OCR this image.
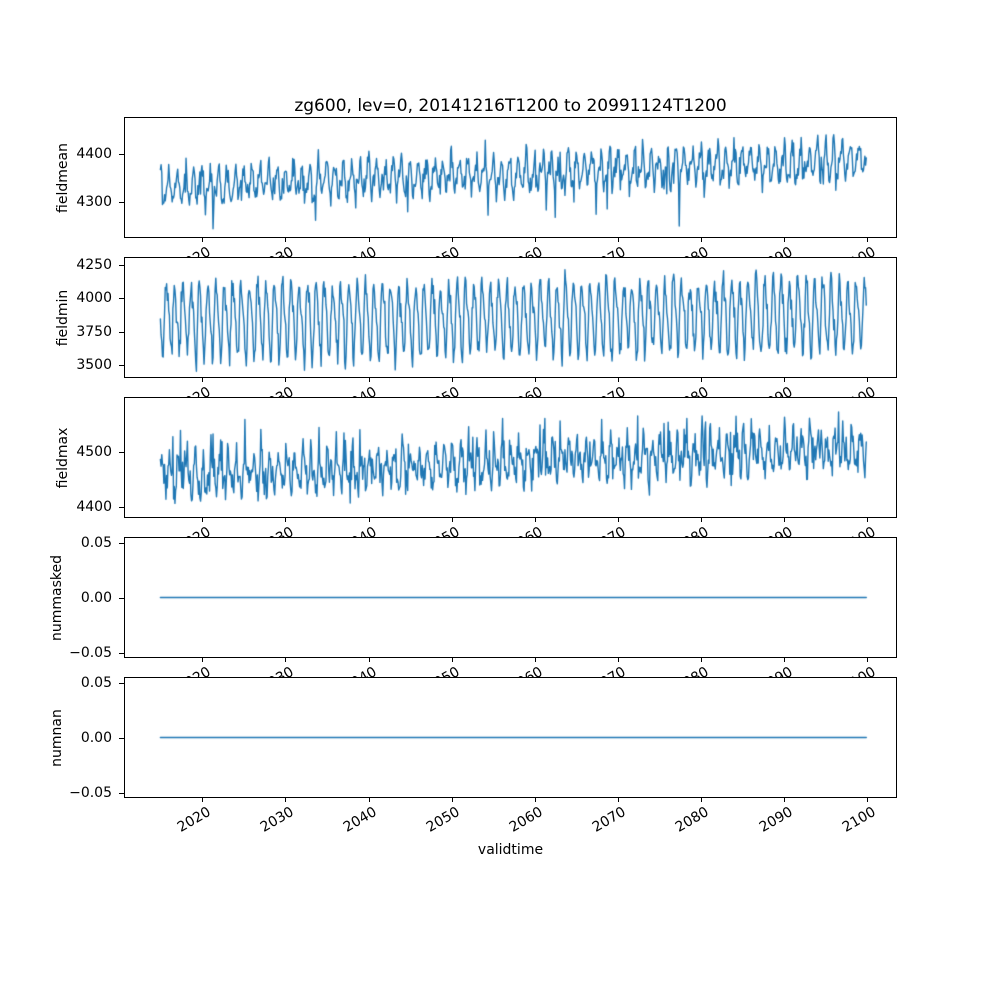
zg600, lev=0, 20141216T1200 to 20991124T1200
fieldmean 4400
4300
fieldmin
4250
4000
3750
3500
fieldmax 4500
4400
nummasked
0.05
0.00
−0.05
numnan
0.05
0.00
−0.05
2020	2030	2040	2050	2060	2070	2080	2090	2100
validtime
